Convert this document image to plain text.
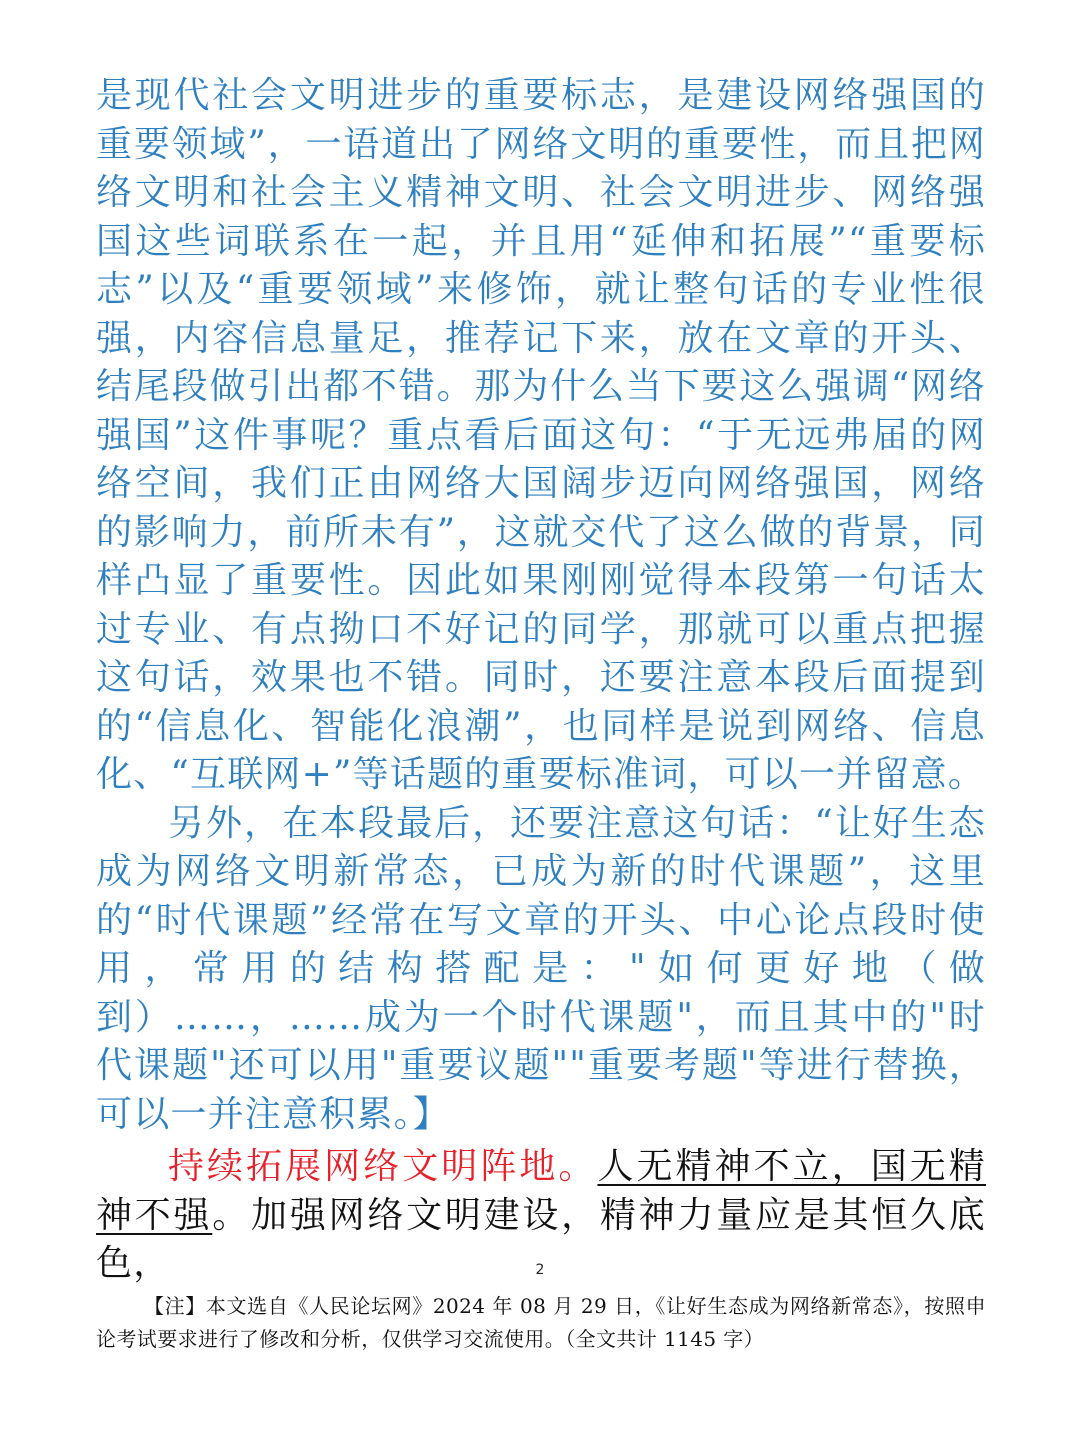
是现代社会文明进步的重要标志，是建设网络强国的重要领域”，一语道出了网络文明的重要性，而且把网络文明和社会主义精神文明、社会文明进步、网络强国这些词联系在一起，并且用“延伸和拓展”“重要标志”以及“重要领域”来修饰，就让整句话的专业性很强，内容信息量足，推荐记下来，放在文章的开头、结尾段做引出都不错。那为什么当下要这么强调“网络强国”这件事呢？重点看后面这句：“于无远弗届的网络空间，我们正由网络大国阔步迈向网络强国，网络的影响力，前所未有”，这就交代了这么做的背景，同样凸显了重要性。因此如果刚刚觉得本段第一句话太过专业、有点拗口不好记的同学，那就可以重点把握这句话，效果也不错。同时，还要注意本段后面提到的“信息化、智能化浪潮”，也同样是说到网络、信息化、“互联网+”等话题的重要标准词，可以一并留意。

另外，在本段最后，还要注意这句话：“让好生态成为网络文明新常态，已成为新的时代课题”，这里的“时代课题”经常在写文章的开头、中心论点段时使用，常用的结构搭配是："如何更好地（做到）……，……成为一个时代课题"，而且其中的"时代课题"还可以用"重要议题""重要考题"等进行替换，可以一并注意积累。】

持续拓展网络文明阵地。人无精神不立，国无精神不强。加强网络文明建设，精神力量应是其恒久底色，	2
【注】本文选自《人民论坛网》2024 年 08 月 29 日，《让好生态成为网络新常态》，按照申论考试要求进行了修改和分析，仅供学习交流使用。（全文共计 1145 字）
